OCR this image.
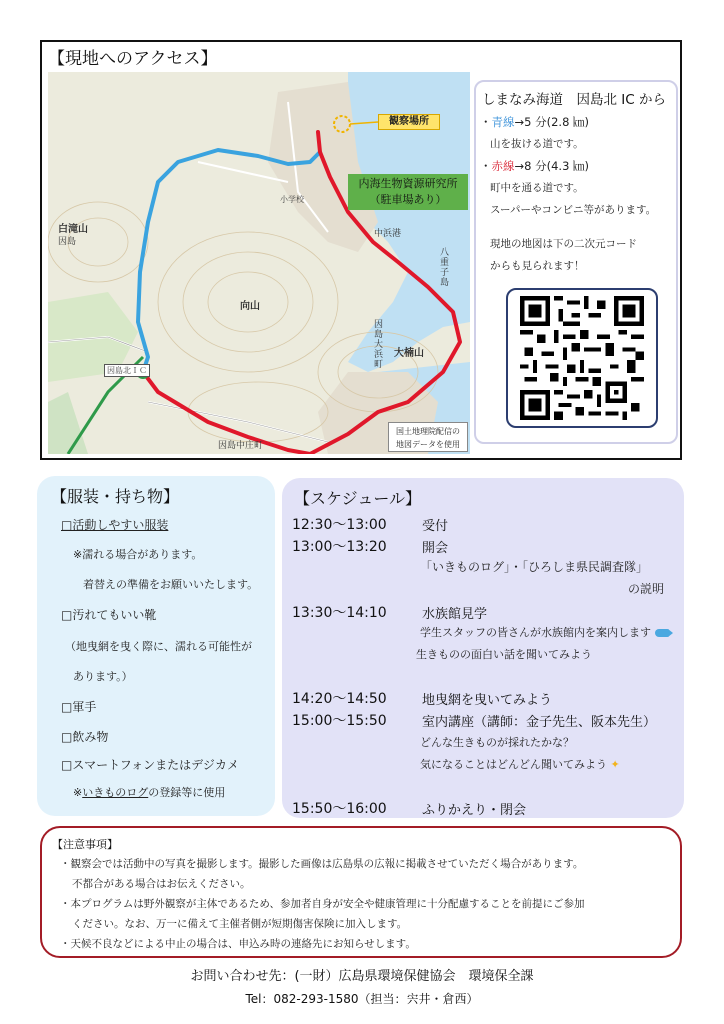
【現地へのアクセス】
白滝山
因島
向山
因島大浜町
大楠山
中浜港
八重子島
因島北ＩＣ
因島中庄町
小学校
観察場所
内海生物資源研究所
（駐車場あり）
国土地理院配信の
地図データを使用
しまなみ海道　因島北 IC から
・青線→5 分(2.8 ㎞)
山を抜ける道です。
・赤線→8 分(4.3 ㎞)
町中を通る道です。
スーパーやコンビニ等があります。
現地の地図は下の二次元コード
からも見られます！
【服装・持ち物】
□活動しやすい服装
※濡れる場合があります。
着替えの準備をお願いいたします。
□汚れてもいい靴
（地曳網を曳く際に、濡れる可能性が
あります。）
□軍手
□飲み物
□スマートフォンまたはデジカメ
※いきものログの登録等に使用
【スケジュール】
12:30～13:00	受付
13:00～13:20	開会
「いきものログ」・「ひろしま県民調査隊」
の説明
13:30～14:10	水族館見学
学生スタッフの皆さんが水族館内を案内します
生きものの面白い話を聞いてみよう
14:20～14:50	地曳網を曳いてみよう
15:00～15:50	室内講座（講師：金子先生、阪本先生）
どんな生きものが採れたかな？
気になることはどんどん聞いてみよう ✦
15:50～16:00	ふりかえり・閉会
【注意事項】
・観察会では活動中の写真を撮影します。撮影した画像は広島県の広報に掲載させていただく場合があります。
不都合がある場合はお伝えください。
・本プログラムは野外観察が主体であるため、参加者自身が安全や健康管理に十分配慮することを前提にご参加
ください。なお、万一に備えて主催者側が短期傷害保険に加入します。
・天候不良などによる中止の場合は、申込み時の連絡先にお知らせします。
お問い合わせ先：(一財）広島県環境保健協会　環境保全課
Tel：082-293-1580（担当：宍井・倉西）
